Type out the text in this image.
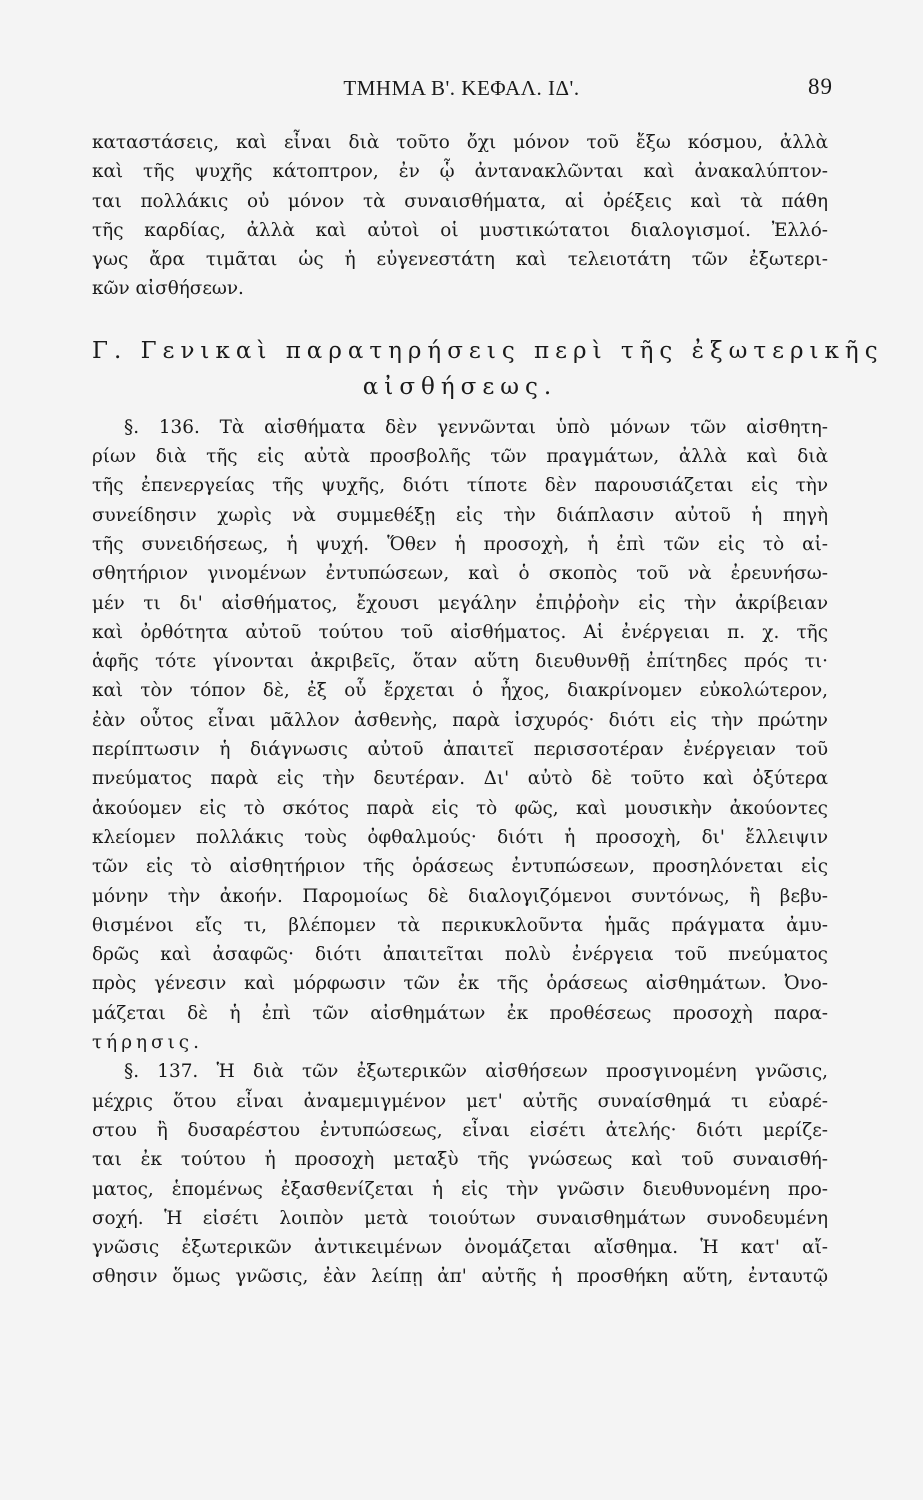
ΤΜΗΜΑ Β'. ΚΕΦΑΛ. ΙΔ'.	89
καταστάσεις, καὶ εἶναι διὰ τοῦτο ὄχι μόνον τοῦ ἔξω κόσμου, ἀλλὰ
καὶ τῆς ψυχῆς κάτοπτρον, ἐν ᾧ ἀντανακλῶνται καὶ ἀνακαλύπτον-
ται πολλάκις οὐ μόνον τὰ συναισθήματα, αἱ ὀρέξεις καὶ τὰ πάθη
τῆς καρδίας, ἀλλὰ καὶ αὐτοὶ οἱ μυστικώτατοι διαλογισμοί. Ἐλλό-
γως ἄρα τιμᾶται ὡς ἡ εὐγενεστάτη καὶ τελειοτάτη τῶν ἐξωτερι-
κῶν αἰσθήσεων.
Γ. Γενικαὶ παρατηρήσεις περὶ τῆς ἐξωτερικῆς
αἰσθήσεως.
§. 136. Τὰ αἰσθήματα δὲν γεννῶνται ὑπὸ μόνων τῶν αἰσθητη-
ρίων διὰ τῆς εἰς αὐτὰ προσβολῆς τῶν πραγμάτων, ἀλλὰ καὶ διὰ
τῆς ἐπενεργείας τῆς ψυχῆς, διότι τίποτε δὲν παρουσιάζεται εἰς τὴν
συνείδησιν χωρὶς νὰ συμμεθέξῃ εἰς τὴν διάπλασιν αὐτοῦ ἡ πηγὴ
τῆς συνειδήσεως, ἡ ψυχή. Ὅθεν ἡ προσοχὴ, ἡ ἐπὶ τῶν εἰς τὸ αἰ-
σθητήριον γινομένων ἐντυπώσεων, καὶ ὁ σκοπὸς τοῦ νὰ ἐρευνήσω-
μέν τι δι' αἰσθήματος, ἔχουσι μεγάλην ἐπιῤῥοὴν εἰς τὴν ἀκρίβειαν
καὶ ὀρθότητα αὐτοῦ τούτου τοῦ αἰσθήματος. Αἱ ἐνέργειαι π. χ. τῆς
ἁφῆς τότε γίνονται ἀκριβεῖς, ὅταν αὕτη διευθυνθῇ ἐπίτηδες πρός τι·
καὶ τὸν τόπον δὲ, ἐξ οὗ ἔρχεται ὁ ἦχος, διακρίνομεν εὐκολώτερον,
ἐὰν οὗτος εἶναι μᾶλλον ἀσθενὴς, παρὰ ἰσχυρός· διότι εἰς τὴν πρώτην
περίπτωσιν ἡ διάγνωσις αὐτοῦ ἀπαιτεῖ περισσοτέραν ἐνέργειαν τοῦ
πνεύματος παρὰ εἰς τὴν δευτέραν. Δι' αὐτὸ δὲ τοῦτο καὶ ὀξύτερα
ἀκούομεν εἰς τὸ σκότος παρὰ εἰς τὸ φῶς, καὶ μουσικὴν ἀκούοντες
κλείομεν πολλάκις τοὺς ὀφθαλμούς· διότι ἡ προσοχὴ, δι' ἔλλειψιν
τῶν εἰς τὸ αἰσθητήριον τῆς ὁράσεως ἐντυπώσεων, προσηλόνεται εἰς
μόνην τὴν ἀκοήν. Παρομοίως δὲ διαλογιζόμενοι συντόνως, ἢ βεβυ-
θισμένοι εἴς τι, βλέπομεν τὰ περικυκλοῦντα ἡμᾶς πράγματα ἀμυ-
δρῶς καὶ ἀσαφῶς· διότι ἀπαιτεῖται πολὺ ἐνέργεια τοῦ πνεύματος
πρὸς γένεσιν καὶ μόρφωσιν τῶν ἐκ τῆς ὁράσεως αἰσθημάτων. Ὀνο-
μάζεται δὲ ἡ ἐπὶ τῶν αἰσθημάτων ἐκ προθέσεως προσοχὴ παρα-
τήρησις.
§. 137. Ἡ διὰ τῶν ἐξωτερικῶν αἰσθήσεων προσγινομένη γνῶσις,
μέχρις ὅτου εἶναι ἀναμεμιγμένον μετ' αὐτῆς συναίσθημά τι εὐαρέ-
στου ἢ δυσαρέστου ἐντυπώσεως, εἶναι εἰσέτι ἀτελής· διότι μερίζε-
ται ἐκ τούτου ἡ προσοχὴ μεταξὺ τῆς γνώσεως καὶ τοῦ συναισθή-
ματος, ἑπομένως ἐξασθενίζεται ἡ εἰς τὴν γνῶσιν διευθυνομένη προ-
σοχή. Ἡ εἰσέτι λοιπὸν μετὰ τοιούτων συναισθημάτων συνοδευμένη
γνῶσις ἐξωτερικῶν ἀντικειμένων ὀνομάζεται αἴσθημα. Ἡ κατ' αἴ-
σθησιν ὅμως γνῶσις, ἐὰν λείπῃ ἀπ' αὐτῆς ἡ προσθήκη αὕτη, ἐνταυτῷ
